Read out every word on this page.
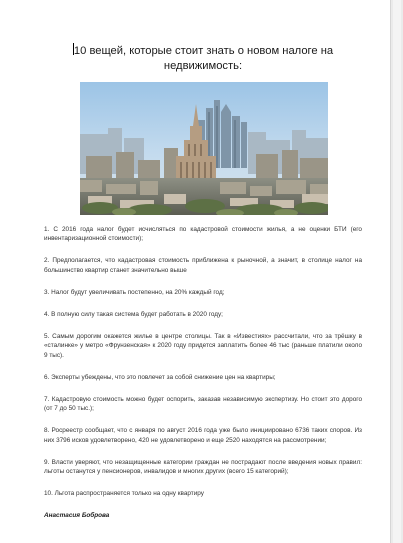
10 вещей, которые стоит знать о новом налоге на недвижимость:

1. С 2016 года налог будет исчисляться по кадастровой стоимости жилья, а не оценки БТИ (его инвентаризационной стоимости);

2. Предполагается, что кадастровая стоимость приближена к рыночной, а значит, в столице налог на большинство квартир станет значительно выше

3. Налог будут увеличивать постепенно, на 20% каждый год;

4. В полную силу такая система будет работать в 2020 году;

5. Самым дорогим окажется жилье в центре столицы. Так в «Известиях» рассчитали, что за трёшку в «сталинке» у метро «Фрунзенская» к 2020 году придется заплатить более 46 тыс (раньше платили около 9 тыс).

6. Эксперты убеждены, что это повлечет за собой снижение цен на квартиры;

7. Кадастровую стоимость можно будет оспорить, заказав независимую экспертизу. Но стоит это дорого (от 7 до 50 тыс.);

8. Росреестр сообщает, что с января по август 2016 года уже было инициировано 6736 таких споров. Из них 3796 исков удовлетворено, 420 не удовлетворено и еще 2520 находятся на рассмотрении;

9. Власти уверяют, что незащищенные категории граждан не пострадают после введения новых правил: льготы останутся у пенсионеров, инвалидов и многих других (всего 15 категорий);

10. Льгота распространяется только на одну квартиру

Анастасия Боброва
